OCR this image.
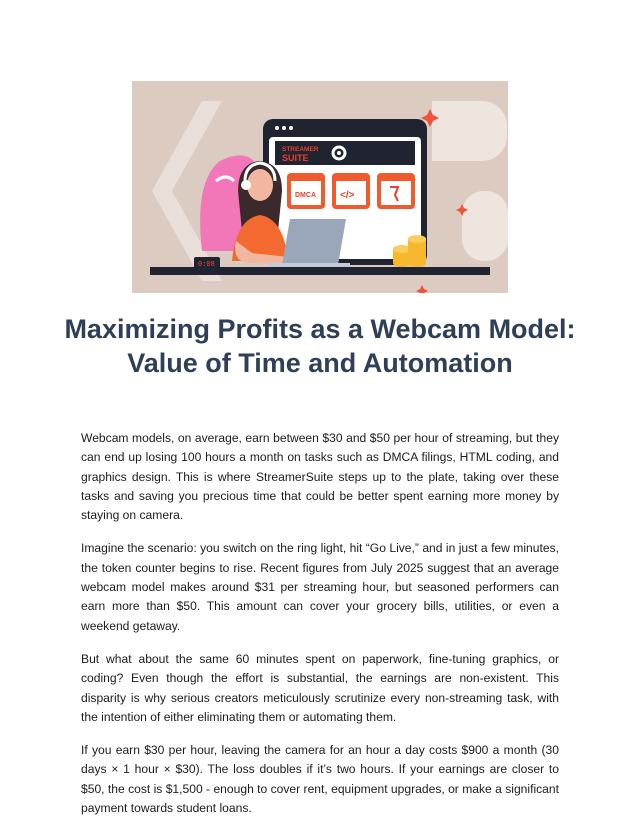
STREAMER
SUITE
DMCA </>
0:08
Maximizing Profits as a Webcam Model:
Value of Time and Automation

Webcam models, on average, earn between $30 and $50 per hour of streaming, but they can end up losing 100 hours a month on tasks such as DMCA filings, HTML coding, and graphics design. This is where StreamerSuite steps up to the plate, taking over these tasks and saving you precious time that could be better spent earning more money by staying on camera.

Imagine the scenario: you switch on the ring light, hit “Go Live,” and in just a few minutes, the token counter begins to rise. Recent figures from July 2025 suggest that an average webcam model makes around $31 per streaming hour, but seasoned performers can earn more than $50. This amount can cover your grocery bills, utilities, or even a weekend getaway.

But what about the same 60 minutes spent on paperwork, fine-tuning graphics, or coding? Even though the effort is substantial, the earnings are non-existent. This disparity is why serious creators meticulously scrutinize every non-streaming task, with the intention of either eliminating them or automating them.

If you earn $30 per hour, leaving the camera for an hour a day costs $900 a month (30 days × 1 hour × $30). The loss doubles if it’s two hours. If your earnings are closer to $50, the cost is $1,500 - enough to cover rent, equipment upgrades, or make a significant payment towards student loans.
